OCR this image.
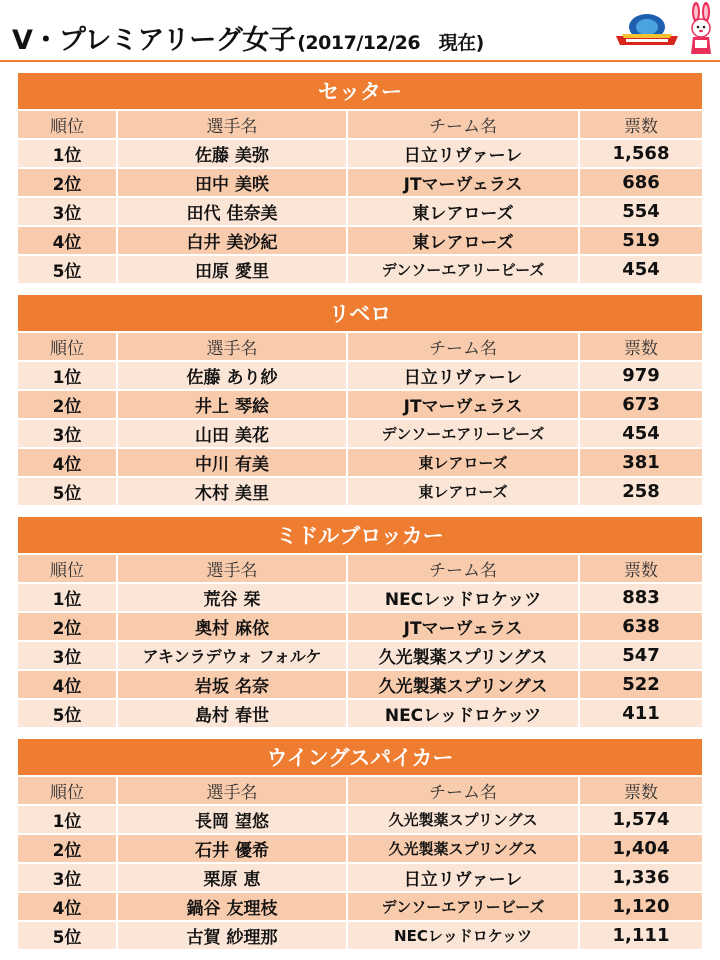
V・プレミアリーグ女子 (2017/12/26　現在)
セッター
順位	選手名	チーム名	票数
1位	佐藤 美弥	日立リヴァーレ	1,568
2位	田中 美咲	JTマーヴェラス	686
3位	田代 佳奈美	東レアローズ	554
4位	白井 美沙紀	東レアローズ	519
5位	田原 愛里	デンソーエアリービーズ	454
リベロ
順位	選手名	チーム名	票数
1位	佐藤 あり紗	日立リヴァーレ	979
2位	井上 琴絵	JTマーヴェラス	673
3位	山田 美花	デンソーエアリービーズ	454
4位	中川 有美	東レアローズ	381
5位	木村 美里	東レアローズ	258
ミドルブロッカー
順位	選手名	チーム名	票数
1位	荒谷 栞	NECレッドロケッツ	883
2位	奥村 麻依	JTマーヴェラス	638
3位	アキンラデウォ フォルケ	久光製薬スプリングス	547
4位	岩坂 名奈	久光製薬スプリングス	522
5位	島村 春世	NECレッドロケッツ	411
ウイングスパイカー
順位	選手名	チーム名	票数
1位	長岡 望悠	久光製薬スプリングス	1,574
2位	石井 優希	久光製薬スプリングス	1,404
3位	栗原 恵	日立リヴァーレ	1,336
4位	鍋谷 友理枝	デンソーエアリービーズ	1,120
5位	古賀 紗理那	NECレッドロケッツ	1,111
